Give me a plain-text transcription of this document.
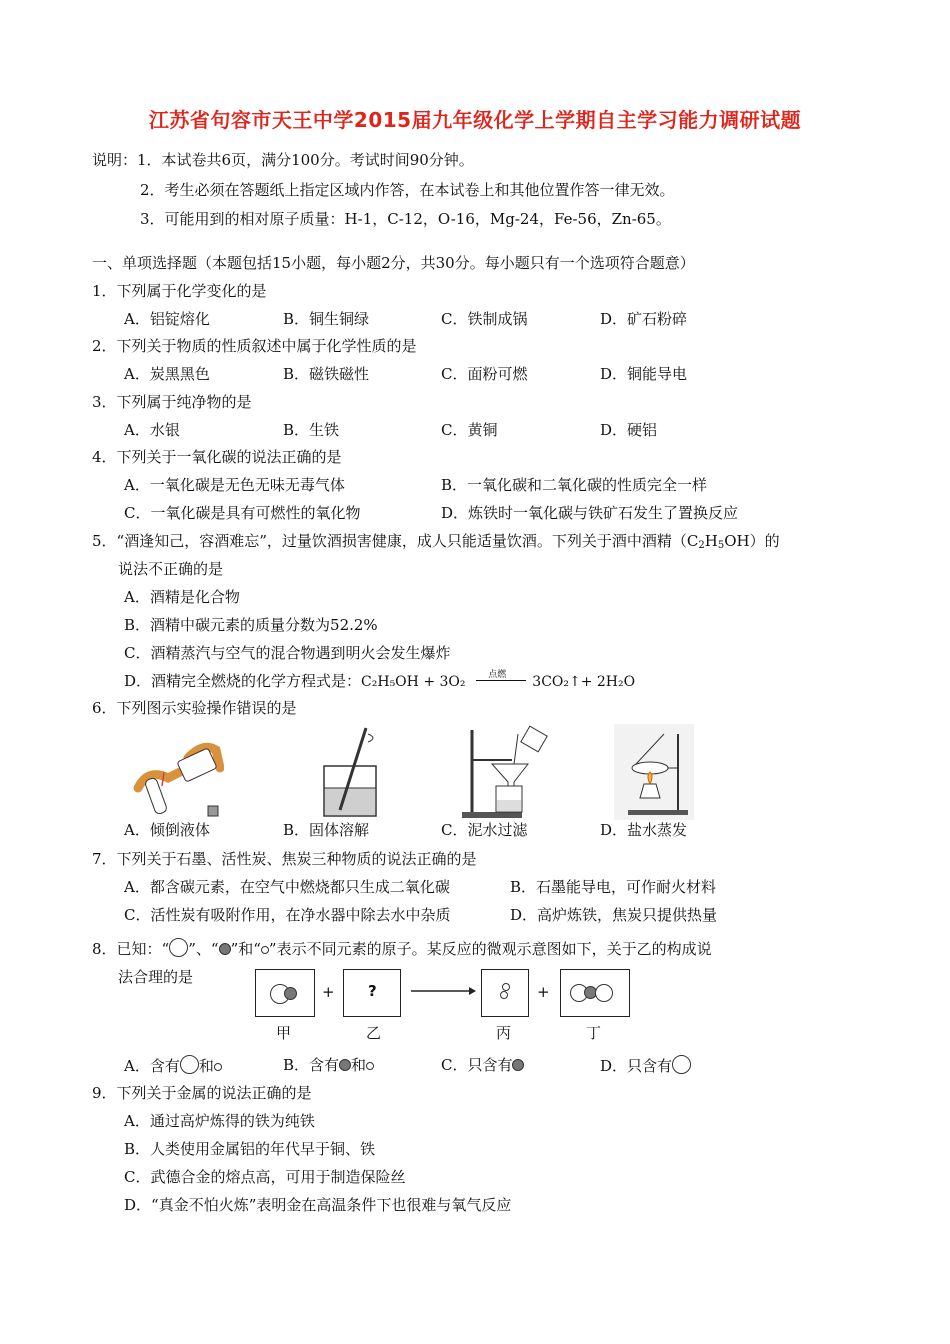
江苏省句容市天王中学2015届九年级化学上学期自主学习能力调研试题
说明：1．本试卷共6页，满分100分。考试时间90分钟。
2．考生必须在答题纸上指定区域内作答，在本试卷上和其他位置作答一律无效。
3．可能用到的相对原子质量：H-1，C-12，O-16，Mg-24，Fe-56，Zn-65。
一、单项选择题（本题包括15小题，每小题2分，共30分。每小题只有一个选项符合题意）
1．下列属于化学变化的是
A．铝锭熔化	B．铜生铜绿	C．铁制成锅	D．矿石粉碎
2．下列关于物质的性质叙述中属于化学性质的是
A．炭黑黑色	B．磁铁磁性	C．面粉可燃	D．铜能导电
3．下列属于纯净物的是
A．水银	B．生铁	C．黄铜	D．硬铝
4．下列关于一氧化碳的说法正确的是
A．一氧化碳是无色无味无毒气体	B．一氧化碳和二氧化碳的性质完全一样
C．一氧化碳是具有可燃性的氧化物	D．炼铁时一氧化碳与铁矿石发生了置换反应
5．“酒逢知己，容酒难忘”，过量饮酒损害健康，成人只能适量饮酒。下列关于酒中酒精$(C_2H_5OH)$的
说法不正确的是
A．酒精是化合物
B．酒精中碳元素的质量分数为52.2%
C．酒精蒸汽与空气的混合物遇到明火会发生爆炸
D．酒精完全燃烧的化学方程式是：C₂H₅OH + 3O₂	点燃 3CO₂↑+ 2H₂O
6．下列图示实验操作错误的是
A．倾倒液体	B．固体溶解	C．泥水过滤	D．盐水蒸发
7．下列关于石墨、活性炭、焦炭三种物质的说法正确的是
A．都含碳元素，在空气中燃烧都只生成二氧化碳	B．石墨能导电，可作耐火材料
C．活性炭有吸附作用，在净水器中除去水中杂质	D．高炉炼铁，焦炭只提供热量
8．已知：“ ”、“ ”和“ ”表示不同元素的原子。某反应的微观示意图如下，关于乙的构成说
法合理的是
+ ?	+
甲	乙	丙	丁
A．含有 和	B．含有 和	C．只含有	D．只含有
9．下列关于金属的说法正确的是
A．通过高炉炼得的铁为纯铁
B．人类使用金属铝的年代早于铜、铁
C．武德合金的熔点高，可用于制造保险丝
D．“真金不怕火炼”表明金在高温条件下也很难与氧气反应
